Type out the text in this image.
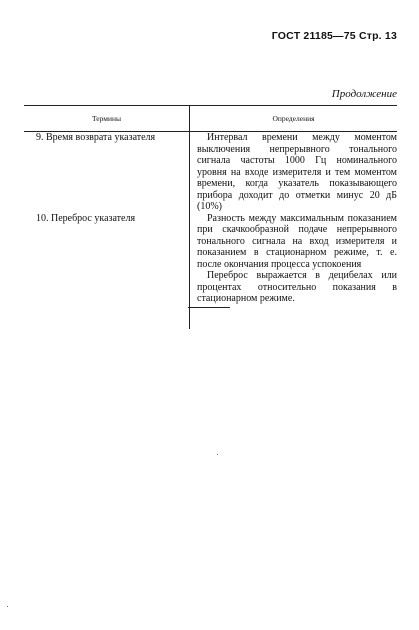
ГОСТ 21185—75 Стр. 13
Продолжение
Термины	Определения

9. Время возврата указателя	Интервал времени между моментом выключения непрерывного тонального сигнала частоты 1000 Гц номинального уровня на входе измерителя и тем моментом времени, когда указатель показывающего прибора доходит до отметки минус 20 дБ (10%)

10. Переброс указателя	Разность между максимальным показанием при скачкообразной подаче непрерывного тонального сигнала на вход измерителя и показанием в стационарном режиме, т. е. после окончания процесса успокоения

Переброс выражается в децибелах или процентах относительно показания в стационарном режиме.
